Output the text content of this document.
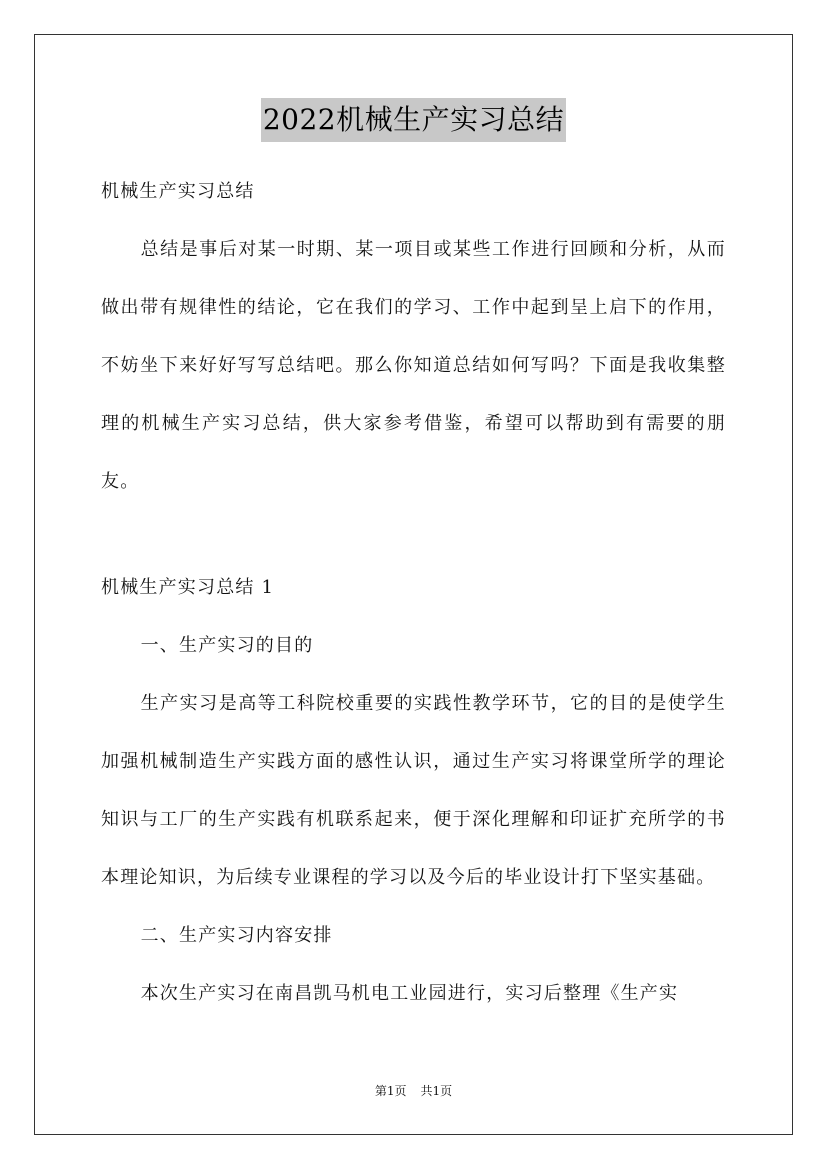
2022机械生产实习总结

机械生产实习总结

总结是事后对某一时期、某一项目或某些工作进行回顾和分析，从而做出带有规律性的结论，它在我们的学习、工作中起到呈上启下的作用，不妨坐下来好好写写总结吧。那么你知道总结如何写吗？下面是我收集整理的机械生产实习总结，供大家参考借鉴，希望可以帮助到有需要的朋友。

机械生产实习总结 1

一、生产实习的目的

生产实习是高等工科院校重要的实践性教学环节，它的目的是使学生加强机械制造生产实践方面的感性认识，通过生产实习将课堂所学的理论知识与工厂的生产实践有机联系起来，便于深化理解和印证扩充所学的书本理论知识，为后续专业课程的学习以及今后的毕业设计打下坚实基础。

二、生产实习内容安排

本次生产实习在南昌凯马机电工业园进行，实习后整理《生产实

第1页 共1页
